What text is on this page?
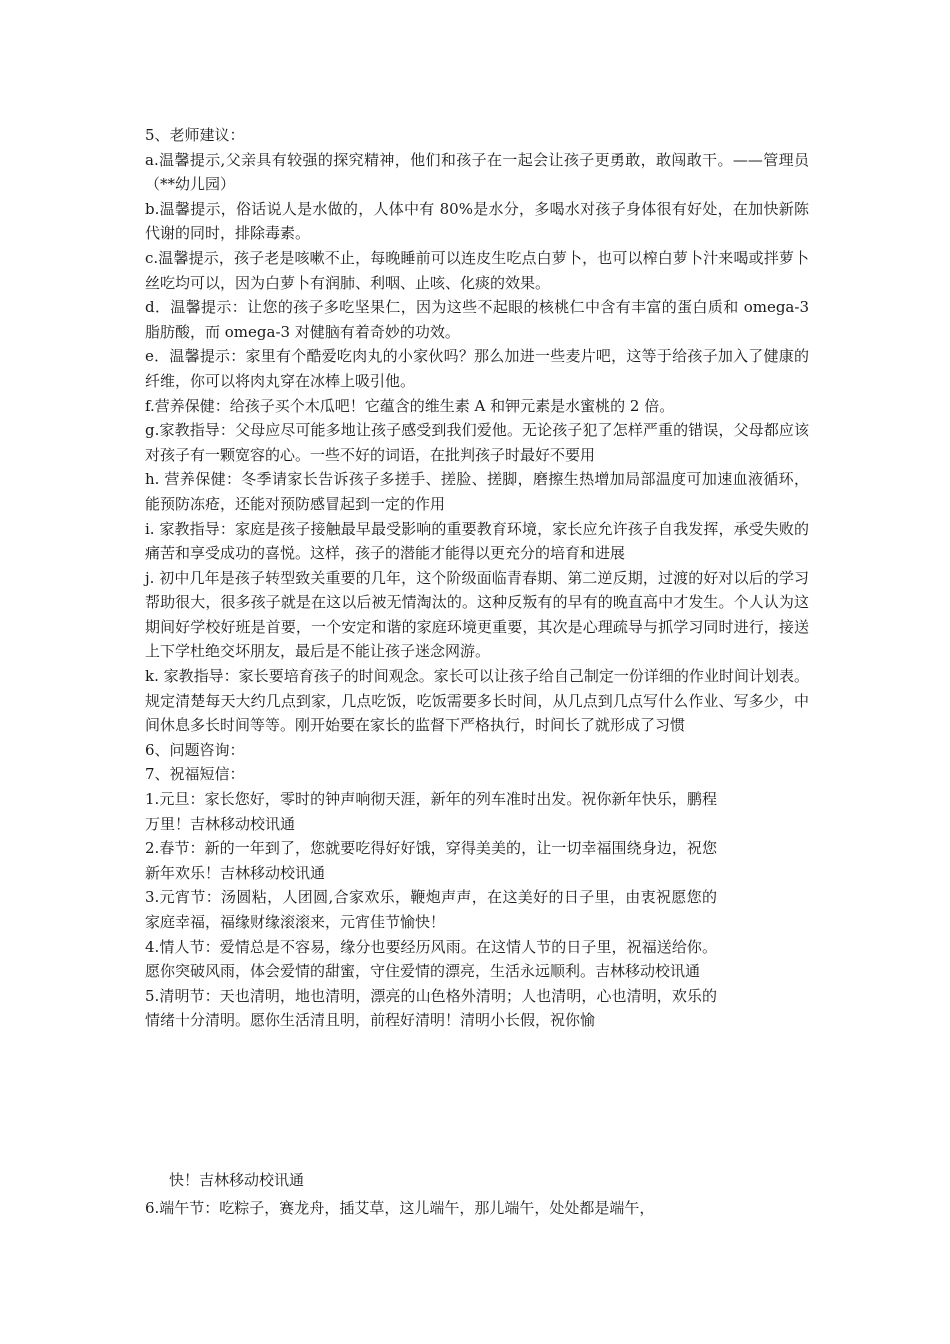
5、老师建议：

a.温馨提示,父亲具有较强的探究精神，他们和孩子在一起会让孩子更勇敢，敢闯敢干。——管理员（**幼儿园）

b.温馨提示，俗话说人是水做的，人体中有 80%是水分，多喝水对孩子身体很有好处，在加快新陈代谢的同时，排除毒素。

c.温馨提示，孩子老是咳嗽不止，每晚睡前可以连皮生吃点白萝卜，也可以榨白萝卜汁来喝或拌萝卜丝吃均可以，因为白萝卜有润肺、利咽、止咳、化痰的效果。

d．温馨提示：让您的孩子多吃坚果仁，因为这些不起眼的核桃仁中含有丰富的蛋白质和 omega-3 脂肪酸，而 omega-3 对健脑有着奇妙的功效。

e．温馨提示：家里有个酷爱吃肉丸的小家伙吗？那么加进一些麦片吧，这等于给孩子加入了健康的纤维，你可以将肉丸穿在冰棒上吸引他。

f.营养保健：给孩子买个木瓜吧！它蕴含的维生素 A 和钾元素是水蜜桃的 2 倍。

g.家教指导：父母应尽可能多地让孩子感受到我们爱他。无论孩子犯了怎样严重的错误，父母都应该对孩子有一颗宽容的心。一些不好的词语，在批判孩子时最好不要用

h. 营养保健：冬季请家长告诉孩子多搓手、搓脸、搓脚，磨擦生热增加局部温度可加速血液循环，能预防冻疮，还能对预防感冒起到一定的作用

i. 家教指导：家庭是孩子接触最早最受影响的重要教育环境，家长应允许孩子自我发挥，承受失败的痛苦和享受成功的喜悦。这样，孩子的潜能才能得以更充分的培育和进展

j. 初中几年是孩子转型致关重要的几年，这个阶级面临青春期、第二逆反期，过渡的好对以后的学习帮助很大，很多孩子就是在这以后被无情淘汰的。这种反叛有的早有的晚直高中才发生。个人认为这期间好学校好班是首要，一个安定和谐的家庭环境更重要，其次是心理疏导与抓学习同时进行，接送上下学杜绝交坏朋友，最后是不能让孩子迷念网游。

k. 家教指导：家长要培育孩子的时间观念。家长可以让孩子给自己制定一份详细的作业时间计划表。规定清楚每天大约几点到家，几点吃饭，吃饭需要多长时间，从几点到几点写什么作业、写多少，中间休息多长时间等等。刚开始要在家长的监督下严格执行，时间长了就形成了习惯

6、问题咨询：

7、祝福短信：

1.元旦：家长您好，零时的钟声响彻天涯，新年的列车准时出发。祝你新年快乐，鹏程万里！吉林移动校讯通

2.春节：新的一年到了，您就要吃得好好饿，穿得美美的，让一切幸福围绕身边，祝您新年欢乐！吉林移动校讯通

3.元宵节：汤圆粘，人团圆,合家欢乐，鞭炮声声，在这美好的日子里，由衷祝愿您的家庭幸福，福缘财缘滚滚来，元宵佳节愉快！

4.情人节：爱情总是不容易，缘分也要经历风雨。在这情人节的日子里，祝福送给你。愿你突破风雨，体会爱情的甜蜜，守住爱情的漂亮，生活永远顺利。吉林移动校讯通

5.清明节：天也清明，地也清明，漂亮的山色格外清明；人也清明，心也清明，欢乐的情绪十分清明。愿你生活清且明，前程好清明！清明小长假，祝你愉

快！吉林移动校讯通

6.端午节：吃粽子，赛龙舟，插艾草，这儿端午，那儿端午，处处都是端午，
